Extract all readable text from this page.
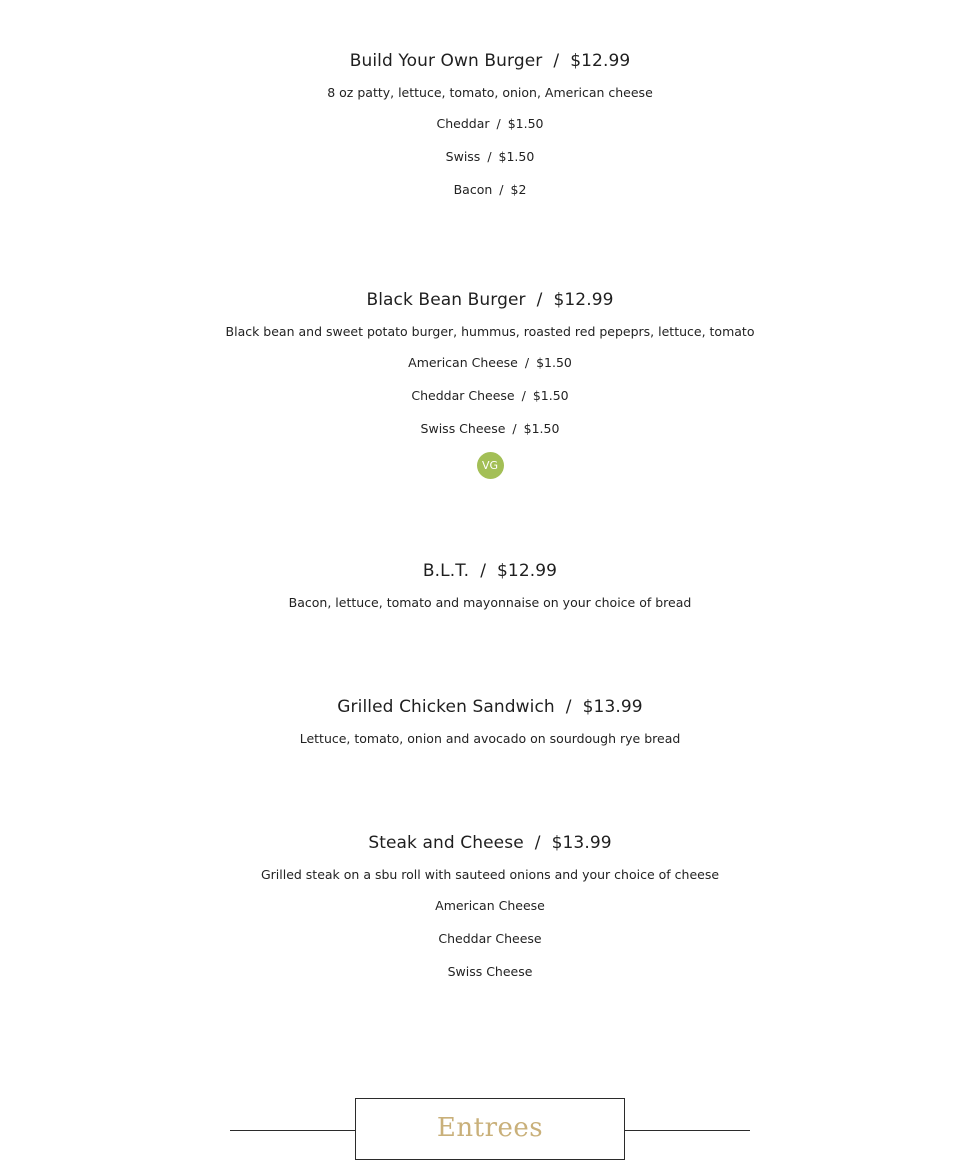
Build Your Own Burger / $12.99
8 oz patty, lettuce, tomato, onion, American cheese
Cheddar / $1.50
Swiss / $1.50
Bacon / $2
Black Bean Burger / $12.99
Black bean and sweet potato burger, hummus, roasted red pepeprs, lettuce, tomato
American Cheese / $1.50
Cheddar Cheese / $1.50
Swiss Cheese / $1.50
VG
B.L.T. / $12.99
Bacon, lettuce, tomato and mayonnaise on your choice of bread
Grilled Chicken Sandwich / $13.99
Lettuce, tomato, onion and avocado on sourdough rye bread
Steak and Cheese / $13.99
Grilled steak on a sbu roll with sauteed onions and your choice of cheese
American Cheese
Cheddar Cheese
Swiss Cheese
Entrees
